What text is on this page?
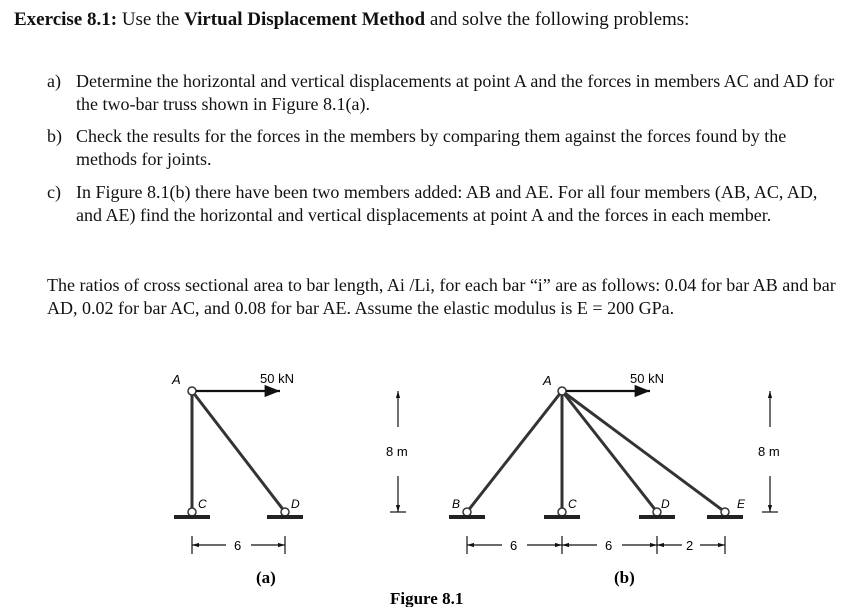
Exercise 8.1: Use the Virtual Displacement Method and solve the following problems:
a) Determine the horizontal and vertical displacements at point A and the forces in members AC and AD for the two-bar truss shown in Figure 8.1(a).
b) Check the results for the forces in the members by comparing them against the forces found by the methods for joints.
c) In Figure 8.1(b) there have been two members added: AB and AE. For all four members (AB, AC, AD, and AE) find the horizontal and vertical displacements at point A and the forces in each member.
The ratios of cross sectional area to bar length, Ai /Li, for each bar “i” are as follows: 0.04 for bar AB and bar AD, 0.02 for bar AC, and 0.08 for bar AE. Assume the elastic modulus is E = 200 GPa.
50 kN
A
C	D
8 m
6
(a)
50 kN
A
B	C	D	E
8 m
6	6	2
(b)
Figure 8.1
